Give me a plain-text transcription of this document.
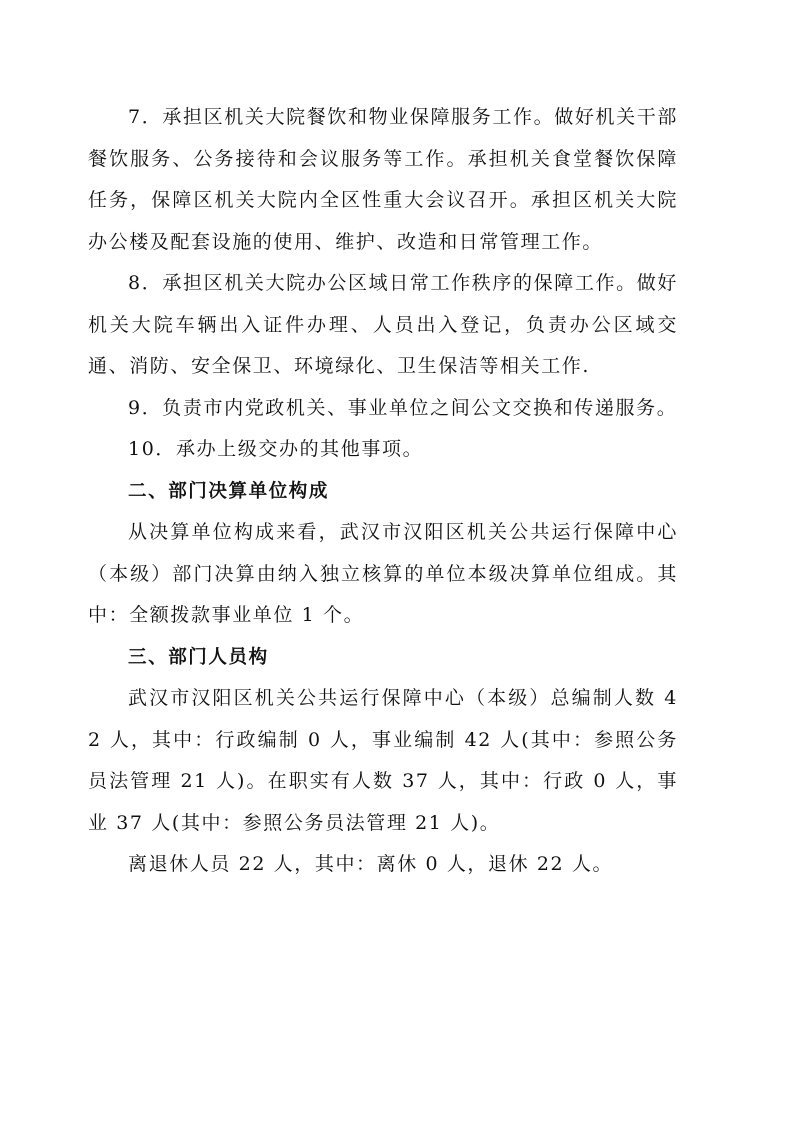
7．承担区机关大院餐饮和物业保障服务工作。做好机关干部餐饮服务、公务接待和会议服务等工作。承担机关食堂餐饮保障任务，保障区机关大院内全区性重大会议召开。承担区机关大院办公楼及配套设施的使用、维护、改造和日常管理工作。

8．承担区机关大院办公区域日常工作秩序的保障工作。做好机关大院车辆出入证件办理、人员出入登记，负责办公区域交通、消防、安全保卫、环境绿化、卫生保洁等相关工作.

9．负责市内党政机关、事业单位之间公文交换和传递服务。

10．承办上级交办的其他事项。

二、部门决算单位构成

从决算单位构成来看，武汉市汉阳区机关公共运行保障中心（本级）部门决算由纳入独立核算的单位本级决算单位组成。其中：全额拨款事业单位 1 个。

三、部门人员构

武汉市汉阳区机关公共运行保障中心（本级）总编制人数 42 人，其中：行政编制 0 人，事业编制 42 人(其中：参照公务员法管理 21 人)。在职实有人数 37 人，其中：行政 0 人，事业 37 人(其中：参照公务员法管理 21 人)。

离退休人员 22 人，其中：离休 0 人，退休 22 人。
